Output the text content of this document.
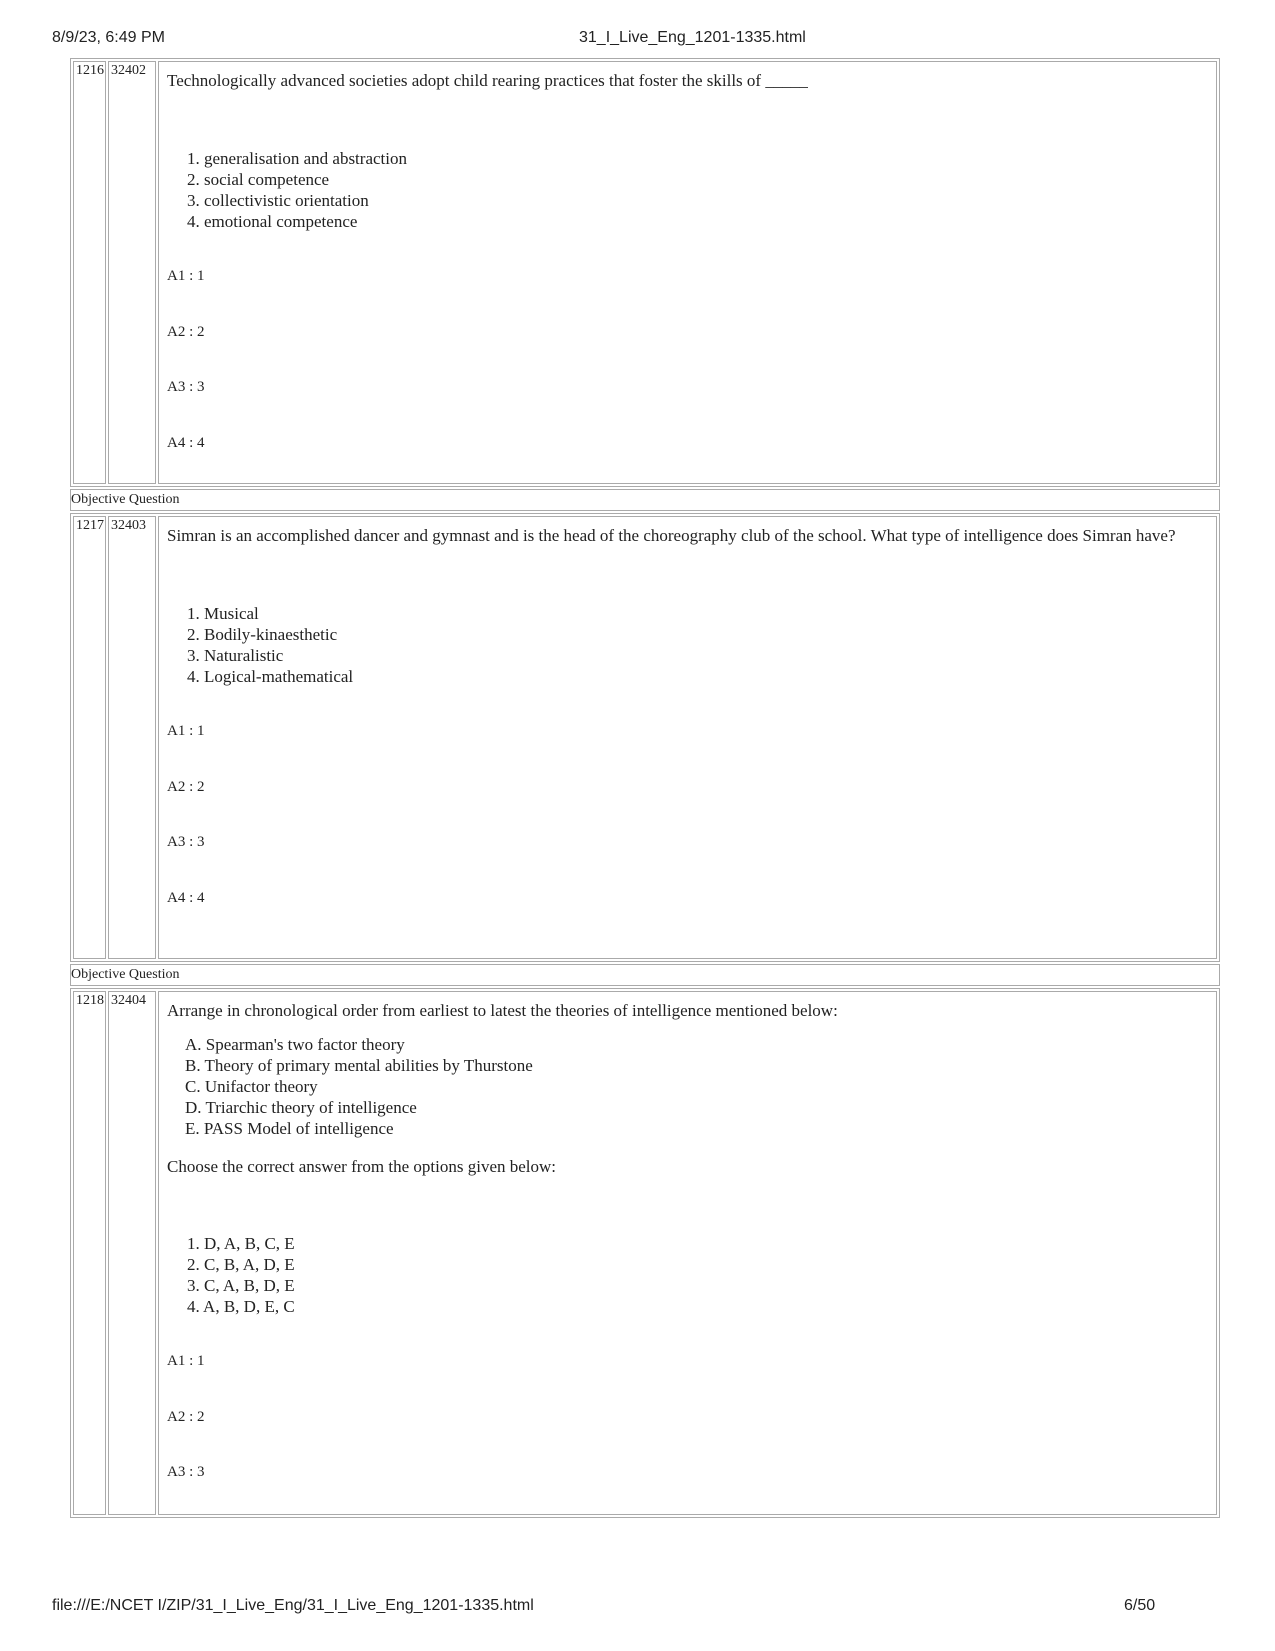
8/9/23, 6:49 PM	31_I_Live_Eng_1201-1335.html
1216 32402
Technologically advanced societies adopt child rearing practices that foster the skills of _____
1. generalisation and abstraction
2. social competence
3. collectivistic orientation
4. emotional competence
A1 : 1
A2 : 2
A3 : 3
A4 : 4
Objective Question
1217 32403
Simran is an accomplished dancer and gymnast and is the head of the choreography club of the school. What type of intelligence does Simran have?
1. Musical
2. Bodily-kinaesthetic
3. Naturalistic
4. Logical-mathematical
A1 : 1
A2 : 2
A3 : 3
A4 : 4
Objective Question
1218 32404
Arrange in chronological order from earliest to latest the theories of intelligence mentioned below:
A. Spearman's two factor theory
B. Theory of primary mental abilities by Thurstone
C. Unifactor theory
D. Triarchic theory of intelligence
E. PASS Model of intelligence
Choose the correct answer from the options given below:
1. D, A, B, C, E
2. C, B, A, D, E
3. C, A, B, D, E
4. A, B, D, E, C
A1 : 1
A2 : 2
A3 : 3
file:///E:/NCET I/ZIP/31_I_Live_Eng/31_I_Live_Eng_1201-1335.html	6/50
